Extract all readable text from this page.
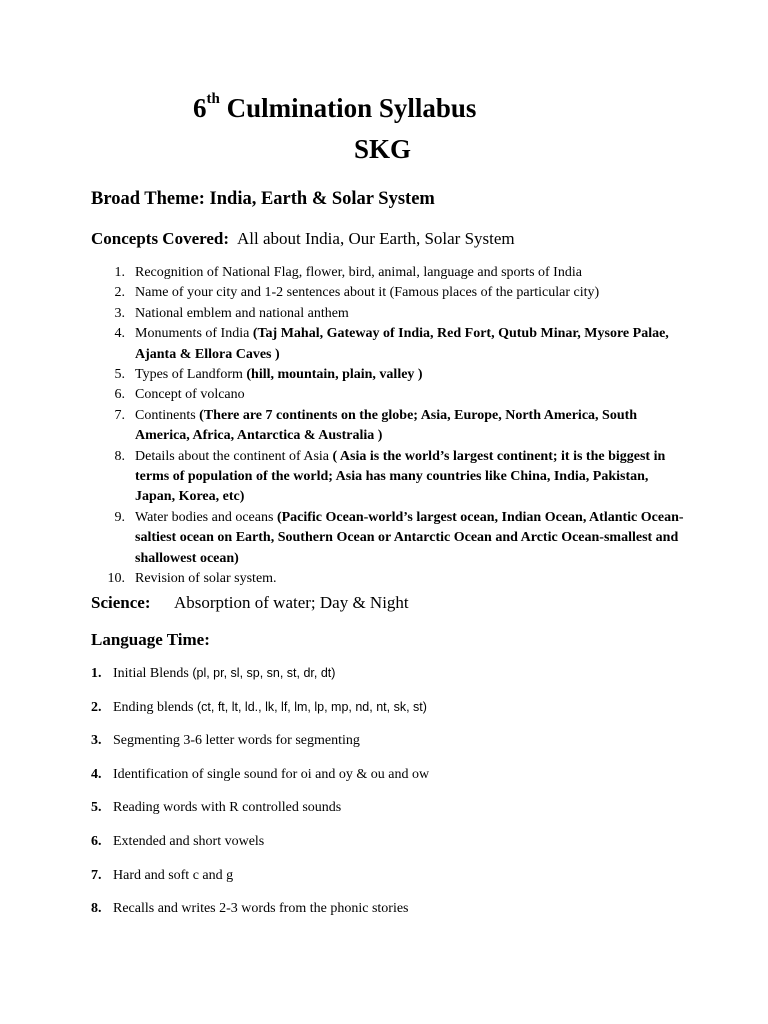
6th Culmination Syllabus
SKG
Broad Theme: India, Earth & Solar System
Concepts Covered: All about India, Our Earth, Solar System
1. Recognition of National Flag, flower, bird, animal, language and sports of India
2. Name of your city and 1-2 sentences about it (Famous places of the particular city)
3. National emblem and national anthem
4. Monuments of India (Taj Mahal, Gateway of India, Red Fort, Qutub Minar, Mysore Palae, Ajanta & Ellora Caves )
5. Types of Landform (hill, mountain, plain, valley )
6. Concept of volcano
7. Continents (There are 7 continents on the globe; Asia, Europe, North America, South America, Africa, Antarctica & Australia )
8. Details about the continent of Asia ( Asia is the world’s largest continent; it is the biggest in terms of population of the world; Asia has many countries like China, India, Pakistan, Japan, Korea, etc)
9. Water bodies and oceans (Pacific Ocean-world’s largest ocean, Indian Ocean, Atlantic Ocean-saltiest ocean on Earth, Southern Ocean or Antarctic Ocean and Arctic Ocean-smallest and shallowest ocean)
10. Revision of solar system.
Science: Absorption of water; Day & Night
Language Time:
1. Initial Blends (pl, pr, sl, sp, sn, st, dr, dt)
2. Ending blends (ct, ft, lt, ld., lk, lf, lm, lp, mp, nd, nt, sk, st)
3. Segmenting 3-6 letter words for segmenting
4. Identification of single sound for oi and oy & ou and ow
5. Reading words with R controlled sounds
6. Extended and short vowels
7. Hard and soft c and g
8. Recalls and writes 2-3 words from the phonic stories
